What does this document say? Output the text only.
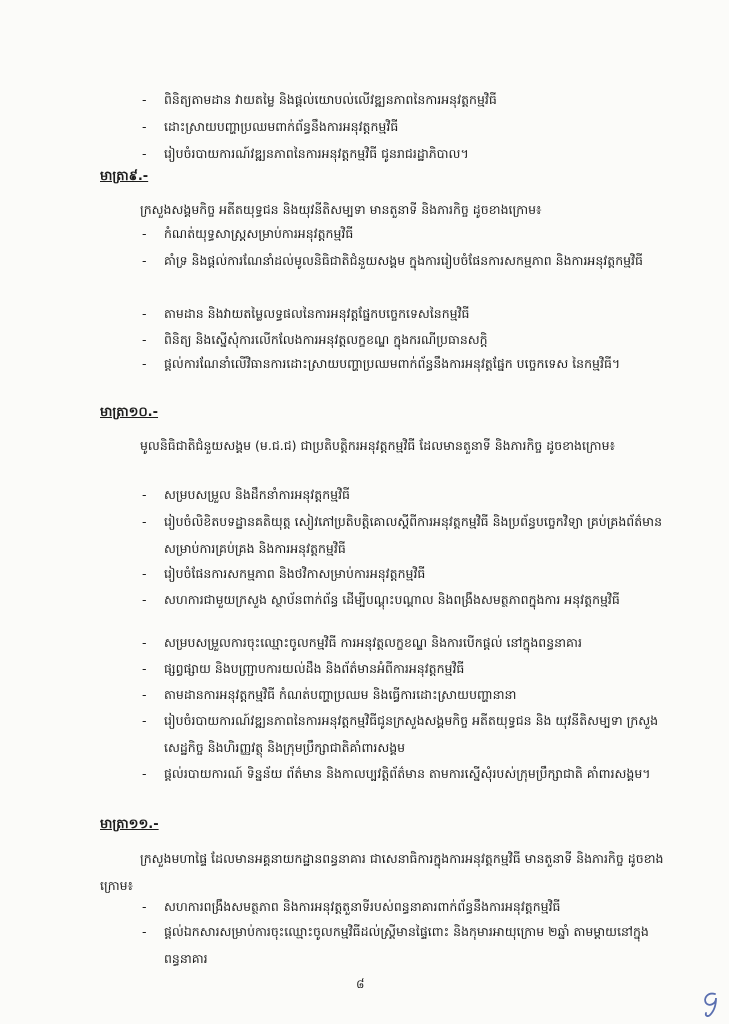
- ពិនិត្យតាមដាន វាយតម្លៃ និងផ្តល់យោបល់លើវឌ្ឍនភាពនៃការអនុវត្តកម្មវិធី
- ដោះស្រាយបញ្ហាប្រឈមពាក់ព័ន្ធនឹងការអនុវត្តកម្មវិធី
- រៀបចំរបាយការណ៍វឌ្ឍនភាពនៃការអនុវត្តកម្មវិធី ជូនរាជរដ្ឋាភិបាល។
មាត្រា៩.-
ក្រសួងសង្គមកិច្ច អតីតយុទ្ធជន និងយុវនីតិសម្បទា មានតួនាទី និងភារកិច្ច ដូចខាងក្រោម៖
- កំណត់យុទ្ធសាស្ត្រសម្រាប់ការអនុវត្តកម្មវិធី
- គាំទ្រ និងផ្តល់ការណែនាំដល់មូលនិធិជាតិជំនួយសង្គម ក្នុងការរៀបចំផែនការសកម្មភាព និងការអនុវត្តកម្មវិធី
- តាមដាន និងវាយតម្លៃលទ្ធផលនៃការអនុវត្តផ្នែកបច្ចេកទេសនៃកម្មវិធី
- ពិនិត្យ និងស្នើសុំការលើកលែងការអនុវត្តលក្ខខណ្ឌ ក្នុងករណីប្រធានសក្តិ
- ផ្តល់ការណែនាំលើវិធានការដោះស្រាយបញ្ហាប្រឈមពាក់ព័ន្ធនឹងការអនុវត្តផ្នែក បច្ចេកទេស នៃកម្មវិធី។
មាត្រា១០.-
មូលនិធិជាតិជំនួយសង្គម (ម.ជ.ជ) ជាប្រតិបត្តិករអនុវត្តកម្មវិធី ដែលមានតួនាទី និងភារកិច្ច ដូចខាងក្រោម៖
- សម្របសម្រួល និងដឹកនាំការអនុវត្តកម្មវិធី
- រៀបចំលិខិតបទដ្ឋានគតិយុត្ត សៀវភៅប្រតិបត្តិគោលស្តីពីការអនុវត្តកម្មវិធី និងប្រព័ន្ធបច្ចេកវិទ្យា គ្រប់គ្រងព័ត៌មាន សម្រាប់ការគ្រប់គ្រង និងការអនុវត្តកម្មវិធី
- រៀបចំផែនការសកម្មភាព និងថវិកាសម្រាប់ការអនុវត្តកម្មវិធី
- សហការជាមួយក្រសួង ស្ថាប័នពាក់ព័ន្ធ ដើម្បីបណ្តុះបណ្តាល និងពង្រឹងសមត្ថភាពក្នុងការ អនុវត្តកម្មវិធី
- សម្របសម្រួលការចុះឈ្មោះចូលកម្មវិធី ការអនុវត្តលក្ខខណ្ឌ និងការបើកផ្តល់ នៅក្នុងពន្ធនាគារ
- ផ្សព្វផ្សាយ និងបញ្ជ្រាបការយល់ដឹង និងព័ត៌មានអំពីការអនុវត្តកម្មវិធី
- តាមដានការអនុវត្តកម្មវិធី កំណត់បញ្ហាប្រឈម និងធ្វើការដោះស្រាយបញ្ហានានា
- រៀបចំរបាយការណ៍វឌ្ឍនភាពនៃការអនុវត្តកម្មវិធីជូនក្រសួងសង្គមកិច្ច អតីតយុទ្ធជន និង យុវនីតិសម្បទា ក្រសួងសេដ្ឋកិច្ច និងហិរញ្ញវត្ថុ និងក្រុមប្រឹក្សាជាតិគាំពារសង្គម
- ផ្តល់របាយការណ៍ ទិន្នន័យ ព័ត៌មាន និងកាលប្បវត្តិព័ត៌មាន តាមការស្នើសុំរបស់ក្រុមប្រឹក្សាជាតិ គាំពារសង្គម។
មាត្រា១១.-
ក្រសួងមហាផ្ទៃ ដែលមានអគ្គនាយកដ្ឋានពន្ធនាគារ ជាសេនាធិការក្នុងការអនុវត្តកម្មវិធី មានតួនាទី និងភារកិច្ច ដូចខាងក្រោម៖
- សហការពង្រឹងសមត្ថភាព និងការអនុវត្តតួនាទីរបស់ពន្ធនាគារពាក់ព័ន្ធនឹងការអនុវត្តកម្មវិធី
- ផ្តល់ឯកសារសម្រាប់ការចុះឈ្មោះចូលកម្មវិធីដល់ស្ត្រីមានផ្ទៃពោះ និងកុមារអាយុក្រោម ២ឆ្នាំ តាមម្តាយនៅក្នុងពន្ធនាគារ
៨
